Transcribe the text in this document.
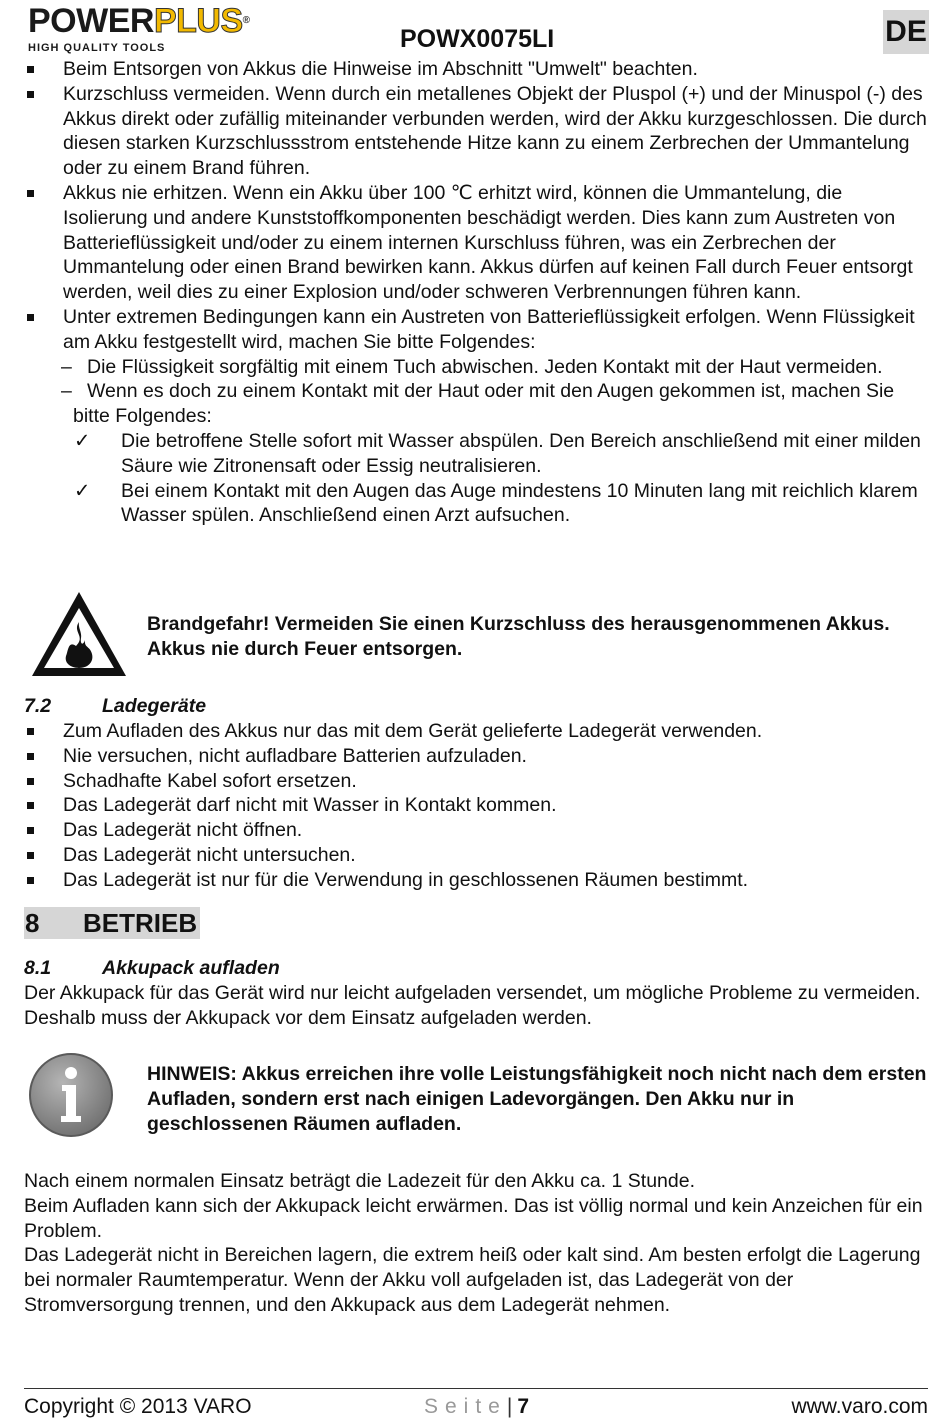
POWERPLUS®
HIGH QUALITY TOOLS	POWX0075LI	DE
Beim Entsorgen von Akkus die Hinweise im Abschnitt "Umwelt" beachten.
Kurzschluss vermeiden. Wenn durch ein metallenes Objekt der Pluspol (+) und der Minuspol (-) des Akkus direkt oder zufällig miteinander verbunden werden, wird der Akku kurzgeschlossen. Die durch diesen starken Kurzschlussstrom entstehende Hitze kann zu einem Zerbrechen der Ummantelung oder zu einem Brand führen.
Akkus nie erhitzen. Wenn ein Akku über 100 ℃ erhitzt wird, können die Ummantelung, die Isolierung und andere Kunststoffkomponenten beschädigt werden. Dies kann zum Austreten von Batterieflüssigkeit und/oder zu einem internen Kurschluss führen, was ein Zerbrechen der Ummantelung oder einen Brand bewirken kann. Akkus dürfen auf keinen Fall durch Feuer entsorgt werden, weil dies zu einer Explosion und/oder schweren Verbrennungen führen kann.
Unter extremen Bedingungen kann ein Austreten von Batterieflüssigkeit erfolgen. Wenn Flüssigkeit am Akku festgestellt wird, machen Sie bitte Folgendes:
– Die Flüssigkeit sorgfältig mit einem Tuch abwischen. Jeden Kontakt mit der Haut vermeiden.
– Wenn es doch zu einem Kontakt mit der Haut oder mit den Augen gekommen ist, machen Sie bitte Folgendes:
✓ Die betroffene Stelle sofort mit Wasser abspülen. Den Bereich anschließend mit einer milden Säure wie Zitronensaft oder Essig neutralisieren.
✓ Bei einem Kontakt mit den Augen das Auge mindestens 10 Minuten lang mit reichlich klarem Wasser spülen. Anschließend einen Arzt aufsuchen.
Brandgefahr! Vermeiden Sie einen Kurzschluss des herausgenommenen Akkus. Akkus nie durch Feuer entsorgen.
7.2	Ladegeräte
Zum Aufladen des Akkus nur das mit dem Gerät gelieferte Ladegerät verwenden.
Nie versuchen, nicht aufladbare Batterien aufzuladen.
Schadhafte Kabel sofort ersetzen.
Das Ladegerät darf nicht mit Wasser in Kontakt kommen.
Das Ladegerät nicht öffnen.
Das Ladegerät nicht untersuchen.
Das Ladegerät ist nur für die Verwendung in geschlossenen Räumen bestimmt.
8 BETRIEB
8.1	Akkupack aufladen
Der Akkupack für das Gerät wird nur leicht aufgeladen versendet, um mögliche Probleme zu vermeiden. Deshalb muss der Akkupack vor dem Einsatz aufgeladen werden.
HINWEIS: Akkus erreichen ihre volle Leistungsfähigkeit noch nicht nach dem ersten Aufladen, sondern erst nach einigen Ladevorgängen. Den Akku nur in geschlossenen Räumen aufladen.
Nach einem normalen Einsatz beträgt die Ladezeit für den Akku ca. 1 Stunde.
Beim Aufladen kann sich der Akkupack leicht erwärmen. Das ist völlig normal und kein Anzeichen für ein Problem.
Das Ladegerät nicht in Bereichen lagern, die extrem heiß oder kalt sind. Am besten erfolgt die Lagerung bei normaler Raumtemperatur. Wenn der Akku voll aufgeladen ist, das Ladegerät von der Stromversorgung trennen, und den Akkupack aus dem Ladegerät nehmen.
Copyright © 2013 VARO	Seite| 7	www.varo.com
